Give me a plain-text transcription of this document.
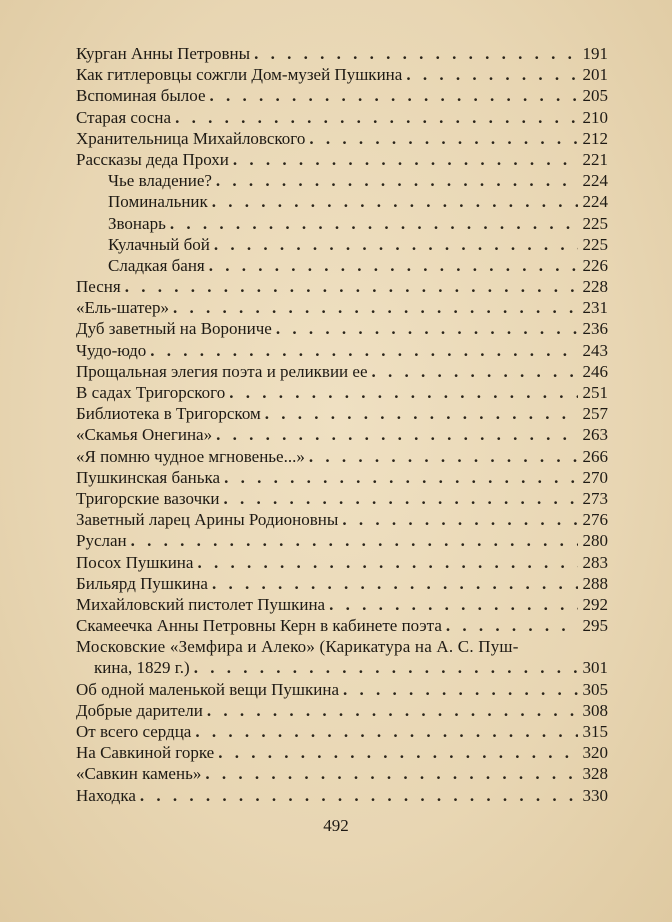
Курган Анны Петровны . . .	191
Как гитлеровцы сожгли Дом-музей Пушкина . . .	201
Вспоминая былое . . .	205
Старая сосна . . .	210
Хранительница Михайловского . . .	212
Рассказы деда Прохи . . .	221
Чье владение? . . .	224
Поминальник . . .	224
Звонарь . . .	225
Кулачный бой . . .	225
Сладкая баня . . .	226
Песня . . .	228
«Ель-шатер» . . .	231
Дуб заветный на Ворониче . . .	236
Чудо-юдо . . .	243
Прощальная элегия поэта и реликвии ее . . .	246
В садах Тригорского . . .	251
Библиотека в Тригорском . . .	257
«Скамья Онегина» . . .	263
«Я помню чудное мгновенье...» . . .	266
Пушкинская банька . . .	270
Тригорские вазочки . . .	273
Заветный ларец Арины Родионовны . . .	276
Руслан . . .	280
Посох Пушкина . . .	283
Бильярд Пушкина . . .	288
Михайловский пистолет Пушкина . . .	292
Скамеечка Анны Петровны Керн в кабинете поэта . . .	295
Московские «Земфира и Алеко» (Карикатура на А. С. Пуш-
кина, 1829 г.) . . .	301
Об одной маленькой вещи Пушкина . . .	305
Добрые дарители . . .	308
От всего сердца . . .	315
На Савкиной горке . . .	320
«Савкин камень» . . .	328
Находка . . .	330
492
